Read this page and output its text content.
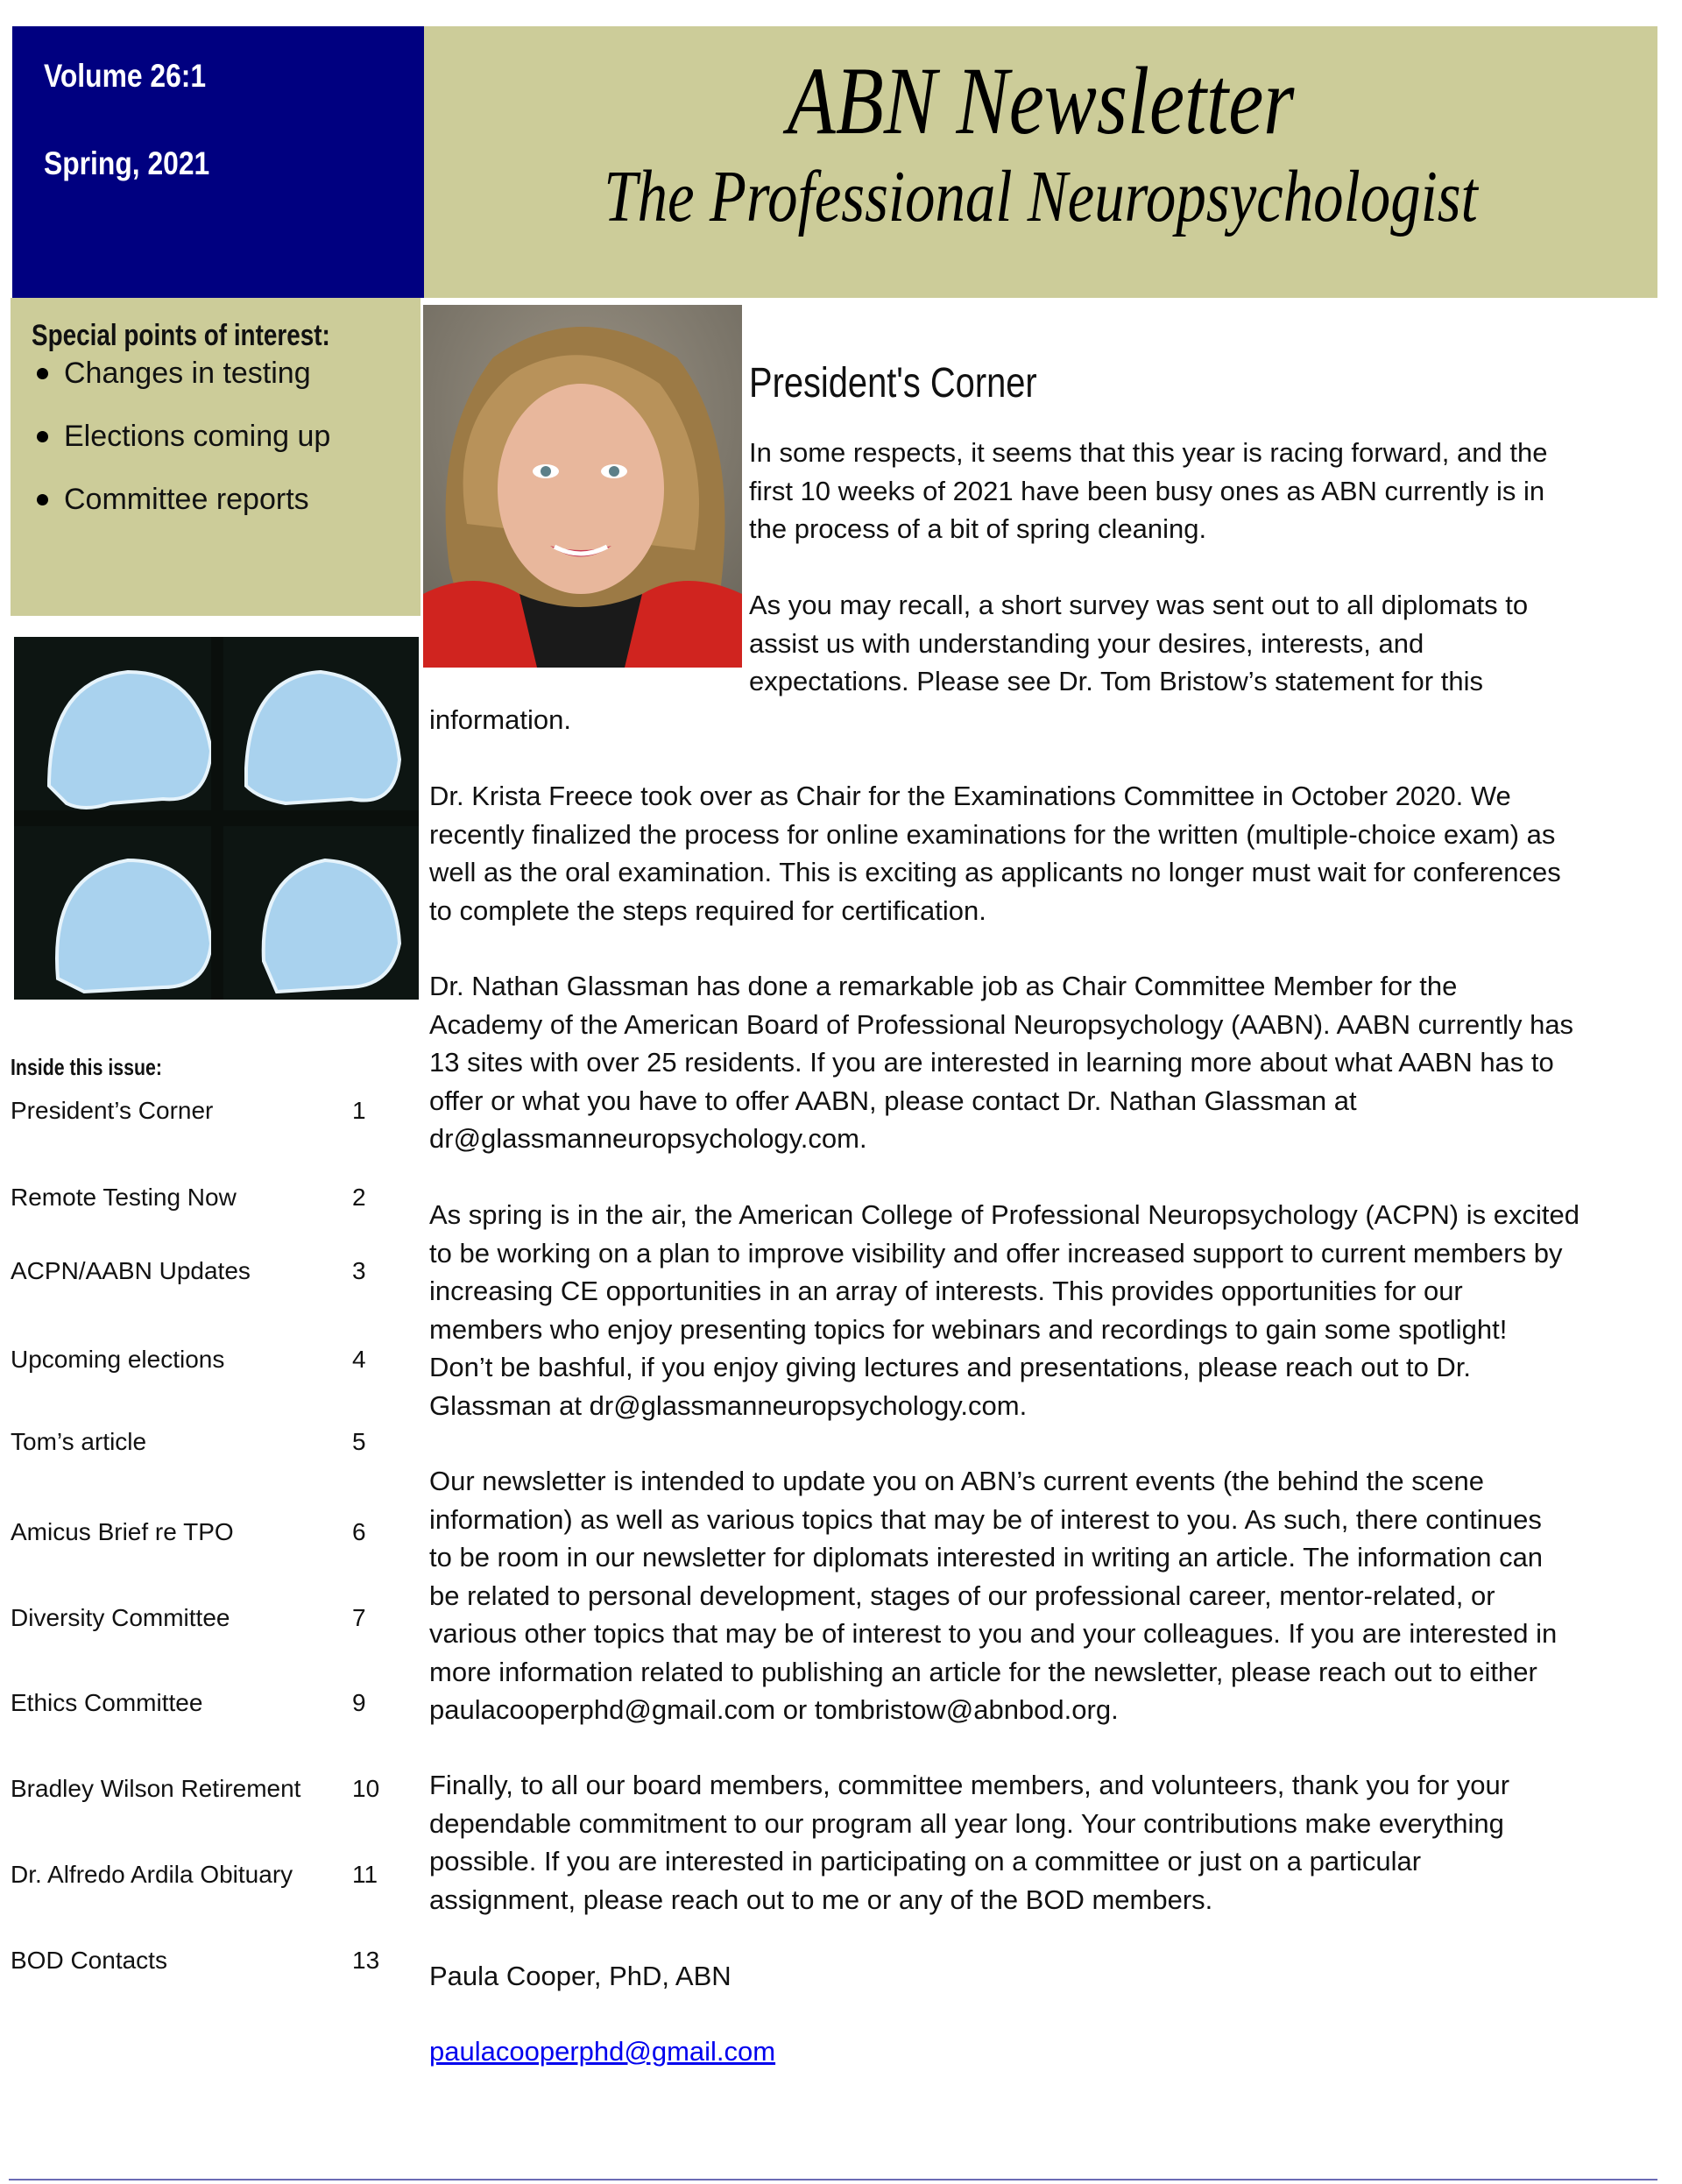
Volume 26:1
Spring, 2021
ABN Newsletter
The Professional Neuropsychologist
Special points of interest:
Changes in testing
Elections coming up
Committee reports
Inside this issue:
President’s Corner	1
Remote Testing Now	2
ACPN/AABN Updates	3
Upcoming elections	4
Tom’s article	5
Amicus Brief re TPO	6
Diversity Committee	7
Ethics Committee	9
Bradley Wilson Retirement 10
Dr. Alfredo Ardila Obituary 11
BOD Contacts	13
President's Corner
In some respects, it seems that this year is racing forward, and the
first 10 weeks of 2021 have been busy ones as ABN currently is in
the process of a bit of spring cleaning.
As you may recall, a short survey was sent out to all diplomats to
assist us with understanding your desires, interests, and
expectations. Please see Dr. Tom Bristow’s statement for this
information.
Dr. Krista Freece took over as Chair for the Examinations Committee in October 2020. We
recently finalized the process for online examinations for the written (multiple-choice exam) as
well as the oral examination. This is exciting as applicants no longer must wait for conferences
to complete the steps required for certification.
Dr. Nathan Glassman has done a remarkable job as Chair Committee Member for the
Academy of the American Board of Professional Neuropsychology (AABN). AABN currently has
13 sites with over 25 residents. If you are interested in learning more about what AABN has to
offer or what you have to offer AABN, please contact Dr. Nathan Glassman at
dr@glassmanneuropsychology.com.
As spring is in the air, the American College of Professional Neuropsychology (ACPN) is excited
to be working on a plan to improve visibility and offer increased support to current members by
increasing CE opportunities in an array of interests. This provides opportunities for our
members who enjoy presenting topics for webinars and recordings to gain some spotlight!
Don’t be bashful, if you enjoy giving lectures and presentations, please reach out to Dr.
Glassman at dr@glassmanneuropsychology.com.
Our newsletter is intended to update you on ABN’s current events (the behind the scene
information) as well as various topics that may be of interest to you. As such, there continues
to be room in our newsletter for diplomats interested in writing an article. The information can
be related to personal development, stages of our professional career, mentor-related, or
various other topics that may be of interest to you and your colleagues. If you are interested in
more information related to publishing an article for the newsletter, please reach out to either
paulacooperphd@gmail.com or tombristow@abnbod.org.
Finally, to all our board members, committee members, and volunteers, thank you for your
dependable commitment to our program all year long. Your contributions make everything
possible. If you are interested in participating on a committee or just on a particular
assignment, please reach out to me or any of the BOD members.
Paula Cooper, PhD, ABN
paulacooperphd@gmail.com
